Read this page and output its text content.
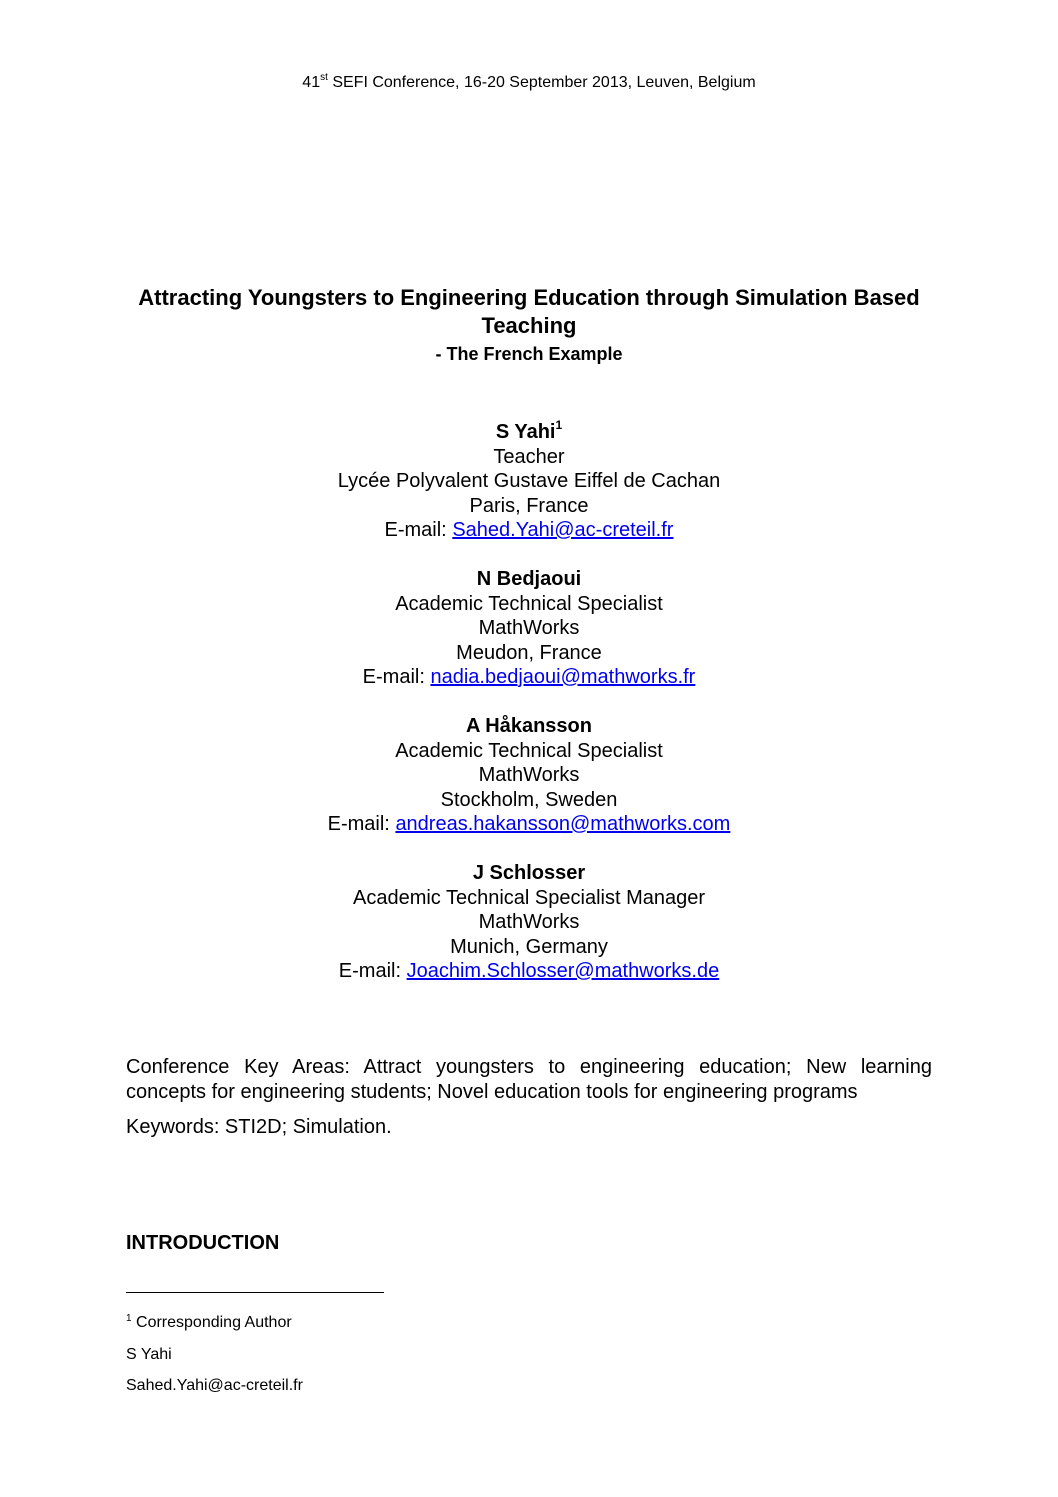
41st SEFI Conference, 16-20 September 2013, Leuven, Belgium
Attracting Youngsters to Engineering Education through Simulation Based Teaching
- The French Example
S Yahi$^1$
Teacher
Lycée Polyvalent Gustave Eiffel de Cachan
Paris, France
E-mail: Sahed.Yahi@ac-creteil.fr
N Bedjaoui
Academic Technical Specialist
MathWorks
Meudon, France
E-mail: nadia.bedjaoui@mathworks.fr
A Håkansson
Academic Technical Specialist
MathWorks
Stockholm, Sweden
E-mail: andreas.hakansson@mathworks.com
J Schlosser
Academic Technical Specialist Manager
MathWorks
Munich, Germany
E-mail: Joachim.Schlosser@mathworks.de
Conference Key Areas: Attract youngsters to engineering education; New learning concepts for engineering students; Novel education tools for engineering programs
Keywords: STI2D; Simulation.
INTRODUCTION
$^1$ Corresponding Author
S Yahi
Sahed.Yahi@ac-creteil.fr
